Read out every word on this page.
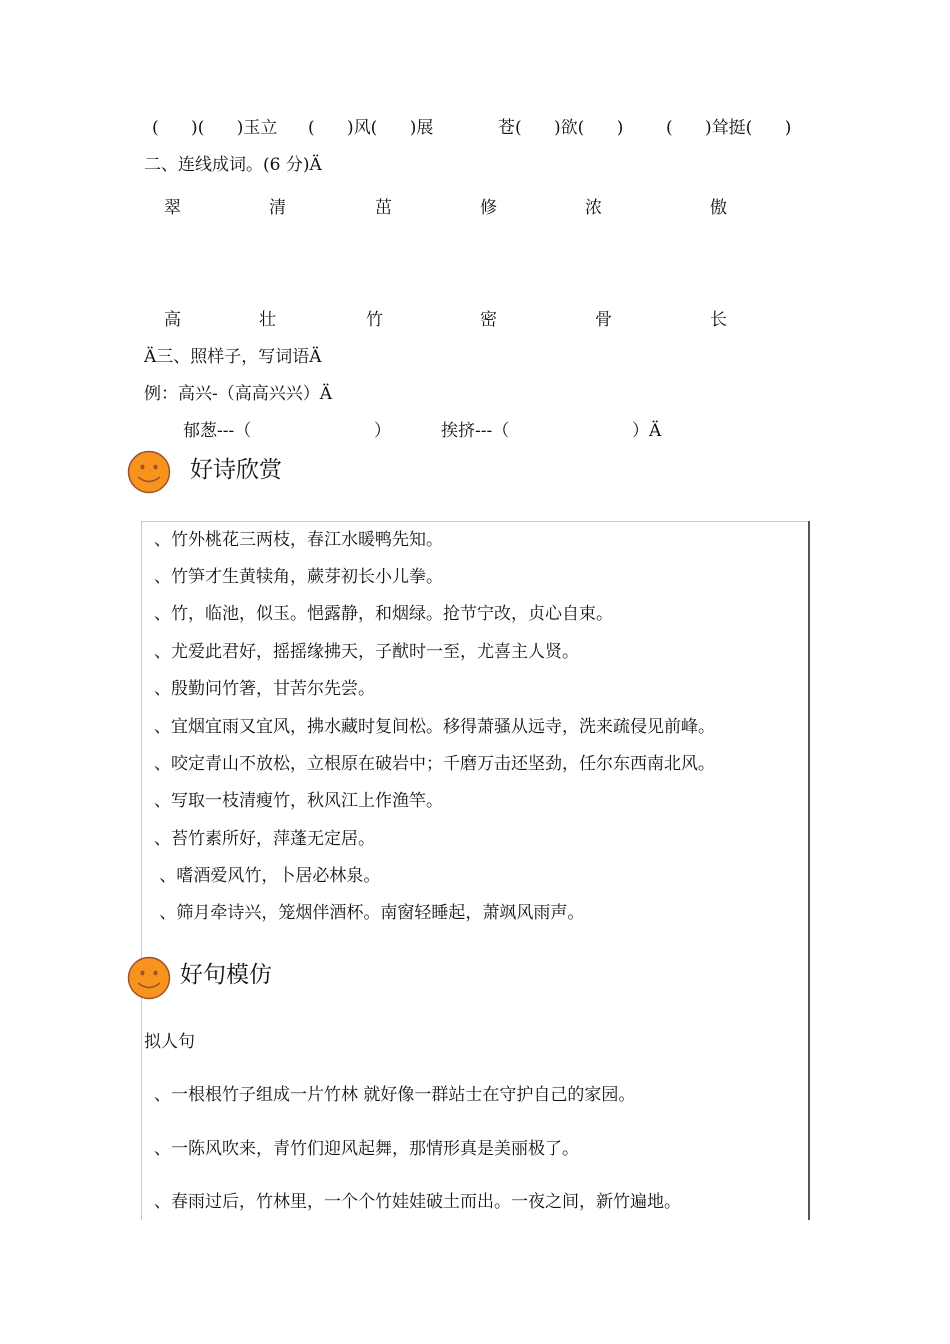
(      )(      )玉立 (      )风(      )展	苍(      )欲(      )	(      )耸挺(      )
二、连线成词。(6 分)Ä
翠	清	茁	修	浓	傲
高	壮	竹	密	骨	长
Ä三、照样子，写词语Ä
例：高兴-（高高兴兴）Ä
郁葱---（	）	挨挤---（	）Ä
好诗欣赏
、竹外桃花三两枝，春江水暖鸭先知。
、竹笋才生黄犊角，蕨芽初长小儿拳。
、竹，临池，似玉。悒露静，和烟绿。抢节宁改，贞心自束。
、尤爱此君好，摇摇缘拂天，子猷时一至，尤喜主人贤。
、殷勤问竹箸，甘苦尔先尝。
、宜烟宜雨又宜风，拂水藏时复间松。移得萧骚从远寺，洗来疏侵见前峰。
、咬定青山不放松，立根原在破岩中；千磨万击还坚劲，任尔东西南北风。
、写取一枝清瘦竹，秋风江上作渔竿。
、苔竹素所好，萍蓬无定居。
、嗜酒爱风竹，卜居必林泉。
、筛月牵诗兴，笼烟伴酒杯。南窗轻睡起，萧飒风雨声。
好句模仿
拟人句
、一根根竹子组成一片竹林 就好像一群站士在守护自己的家园。
、一陈风吹来，青竹们迎风起舞，那情形真是美丽极了。
、春雨过后，竹林里，一个个竹娃娃破土而出。一夜之间，新竹遍地。
